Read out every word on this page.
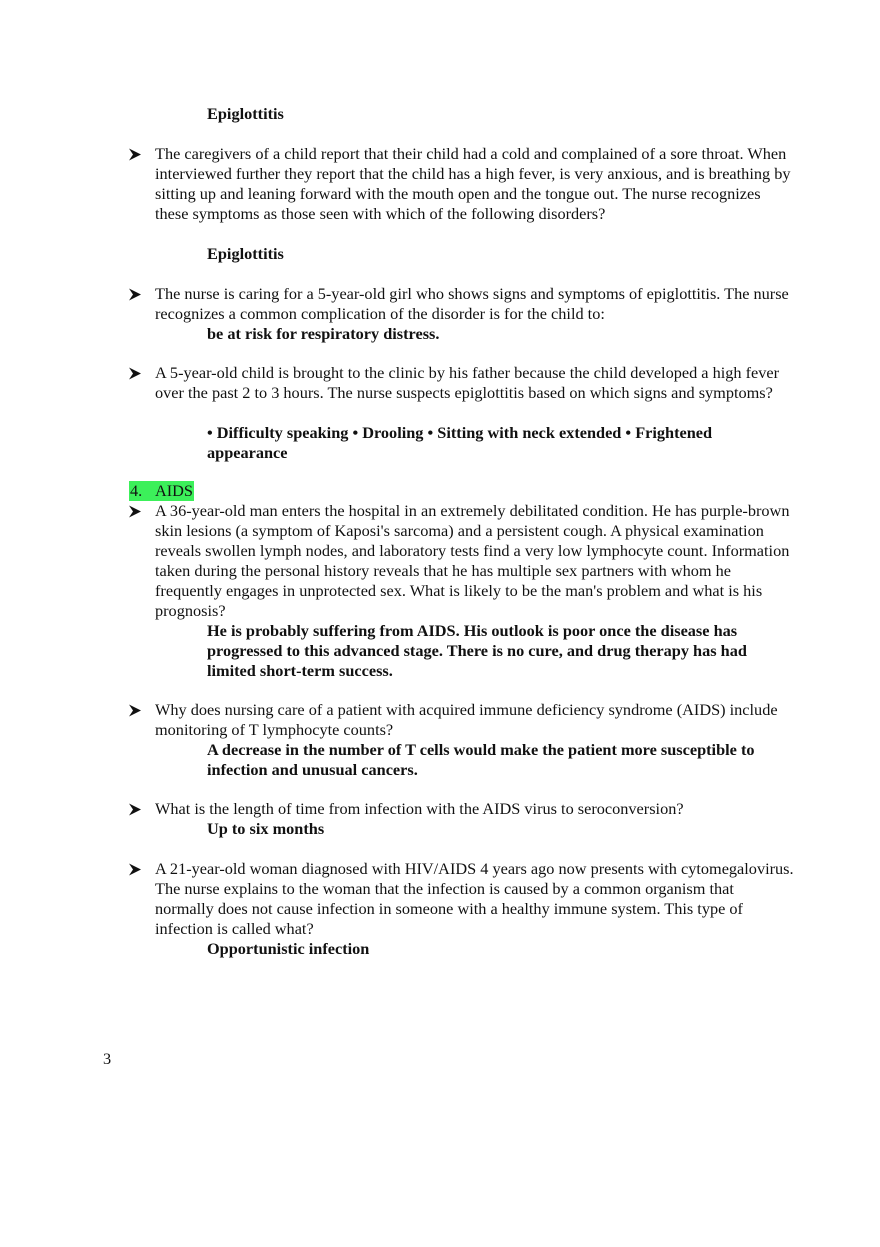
Epiglottitis

The caregivers of a child report that their child had a cold and complained of a sore throat. When interviewed further they report that the child has a high fever, is very anxious, and is breathing by sitting up and leaning forward with the mouth open and the tongue out. The nurse recognizes these symptoms as those seen with which of the following disorders?

Epiglottitis

The nurse is caring for a 5-year-old girl who shows signs and symptoms of epiglottitis. The nurse recognizes a common complication of the disorder is for the child to:

be at risk for respiratory distress.

A 5-year-old child is brought to the clinic by his father because the child developed a high fever over the past 2 to 3 hours. The nurse suspects epiglottitis based on which signs and symptoms?

• Difficulty speaking • Drooling • Sitting with neck extended • Frightened appearance

4. AIDS

A 36-year-old man enters the hospital in an extremely debilitated condition. He has purple-brown skin lesions (a symptom of Kaposi's sarcoma) and a persistent cough. A physical examination reveals swollen lymph nodes, and laboratory tests find a very low lymphocyte count. Information taken during the personal history reveals that he has multiple sex partners with whom he frequently engages in unprotected sex. What is likely to be the man's problem and what is his prognosis?

He is probably suffering from AIDS. His outlook is poor once the disease has progressed to this advanced stage. There is no cure, and drug therapy has had limited short-term success.

Why does nursing care of a patient with acquired immune deficiency syndrome (AIDS) include monitoring of T lymphocyte counts?

A decrease in the number of T cells would make the patient more susceptible to infection and unusual cancers.

What is the length of time from infection with the AIDS virus to seroconversion?

Up to six months

A 21-year-old woman diagnosed with HIV/AIDS 4 years ago now presents with cytomegalovirus. The nurse explains to the woman that the infection is caused by a common organism that normally does not cause infection in someone with a healthy immune system. This type of infection is called what?

Opportunistic infection

3
